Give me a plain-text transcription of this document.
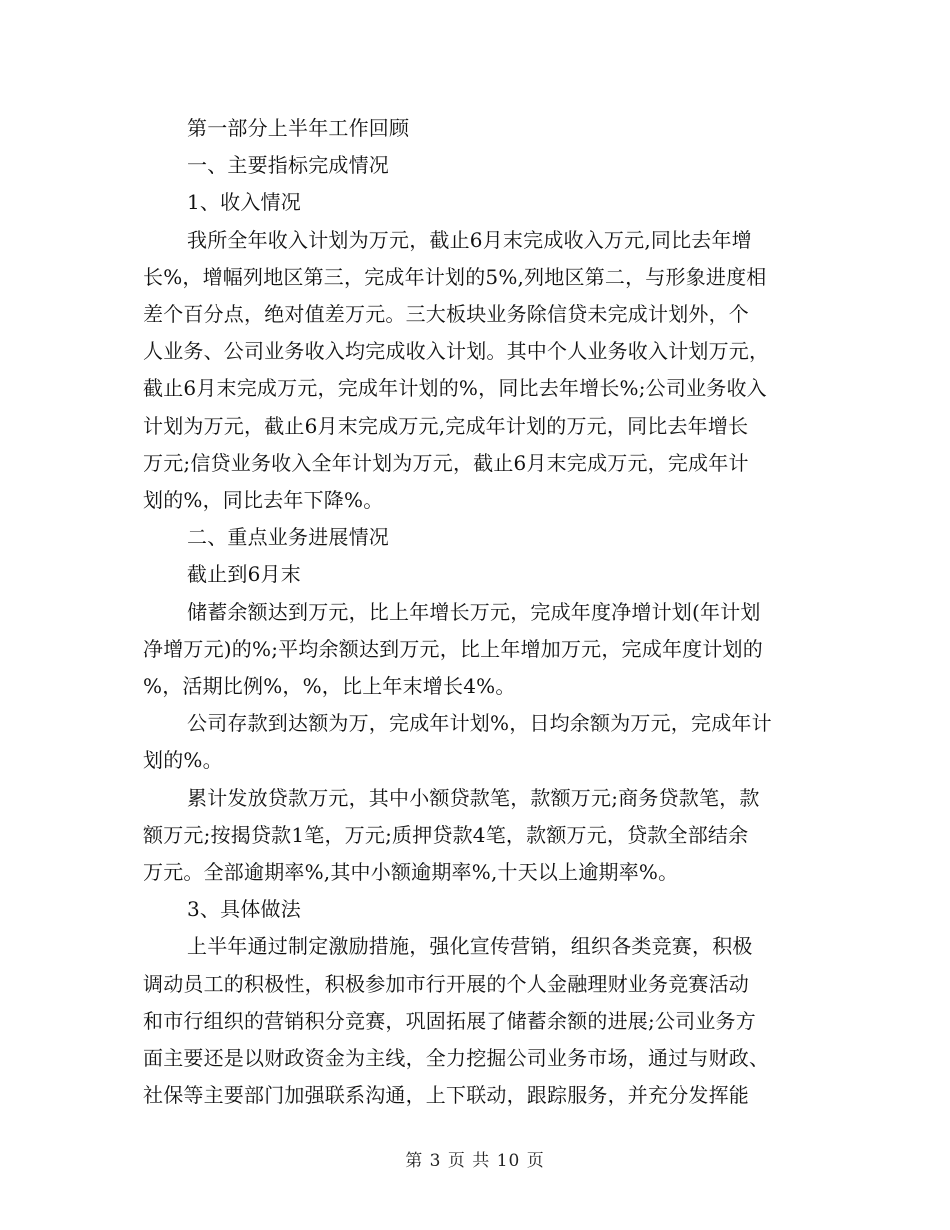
第一部分上半年工作回顾
一、主要指标完成情况
1、收入情况
我所全年收入计划为万元，截止6月末完成收入万元,同比去年增
长%，增幅列地区第三，完成年计划的5%,列地区第二，与形象进度相
差个百分点，绝对值差万元。三大板块业务除信贷未完成计划外，个
人业务、公司业务收入均完成收入计划。其中个人业务收入计划万元，
截止6月末完成万元，完成年计划的%，同比去年增长%;公司业务收入
计划为万元，截止6月末完成万元,完成年计划的万元，同比去年增长
万元;信贷业务收入全年计划为万元，截止6月末完成万元，完成年计
划的%，同比去年下降%。
二、重点业务进展情况
截止到6月末
储蓄余额达到万元，比上年增长万元，完成年度净增计划(年计划
净增万元)的%;平均余额达到万元，比上年增加万元，完成年度计划的
%，活期比例%，%，比上年末增长4%。
公司存款到达额为万，完成年计划%，日均余额为万元，完成年计
划的%。
累计发放贷款万元，其中小额贷款笔，款额万元;商务贷款笔，款
额万元;按揭贷款1笔，万元;质押贷款4笔，款额万元，贷款全部结余
万元。全部逾期率%,其中小额逾期率%,十天以上逾期率%。
3、具体做法
上半年通过制定激励措施，强化宣传营销，组织各类竞赛，积极
调动员工的积极性，积极参加市行开展的个人金融理财业务竞赛活动
和市行组织的营销积分竞赛，巩固拓展了储蓄余额的进展;公司业务方
面主要还是以财政资金为主线，全力挖掘公司业务市场，通过与财政、
社保等主要部门加强联系沟通，上下联动，跟踪服务，并充分发挥能
第 3 页 共 10 页
